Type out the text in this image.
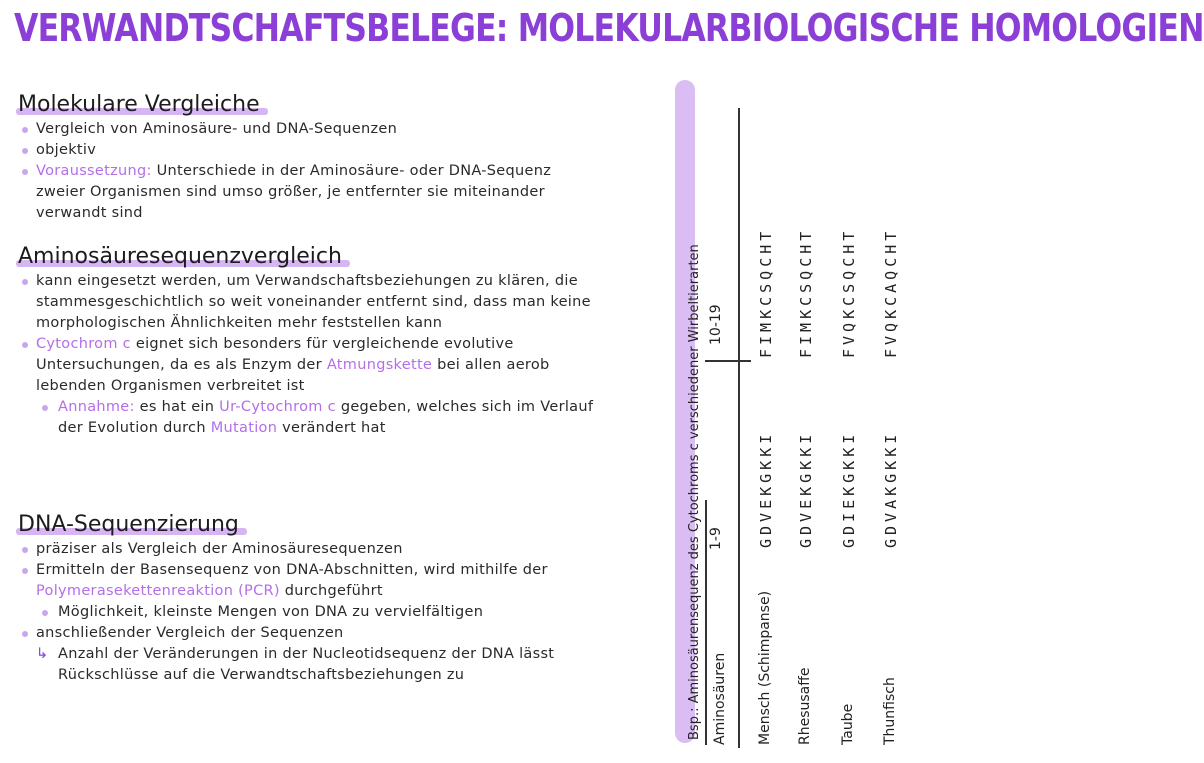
VERWANDTSCHAFTSBELEGE: MOLEKULARBIOLOGISCHE HOMOLOGIEN
Molekulare Vergleiche
Vergleich von Aminosäure- und DNA-Sequenzen
objektiv
Voraussetzung: Unterschiede in der Aminosäure- oder DNA-Sequenz zweier Organismen sind umso größer, je entfernter sie miteinander verwandt sind
Aminosäuresequenzvergleich
kann eingesetzt werden, um Verwandschaftsbeziehungen zu klären, die stammesgeschichtlich so weit voneinander entfernt sind, dass man keine morphologischen Ähnlichkeiten mehr feststellen kann
Cytochrom c eignet sich besonders für vergleichende evolutive Untersuchungen, da es als Enzym der Atmungskette bei allen aerob lebenden Organismen verbreitet ist
Annahme: es hat ein Ur-Cytochrom c gegeben, welches sich im Verlauf der Evolution durch Mutation verändert hat
DNA-Sequenzierung
präziser als Vergleich der Aminosäuresequenzen
Ermitteln der Basensequenz von DNA-Abschnitten, wird mithilfe der Polymerasekettenreaktion (PCR) durchgeführt
Möglichkeit, kleinste Mengen von DNA zu vervielfältigen
anschließender Vergleich der Sequenzen
↳ Anzahl der Veränderungen in der Nucleotidsequenz der DNA lässt Rückschlüsse auf die Verwandtschaftsbeziehungen zu	Bsp.: Aminosäurensequenz des Cytochroms c verschiedener Wirbeltierarten
1-9
10-19
Aminosäuren Mensch (Schimpanse)
GDVEKGKKI
FIMKCSQCHT
Rhesusaffe
GDVEKGKKI
FIMKCSQCHT
Taube
GDIEKGKKI
FVQKCSQCHT
Thunfisch
GDVAKGKKI
FVQKCAQCHT
